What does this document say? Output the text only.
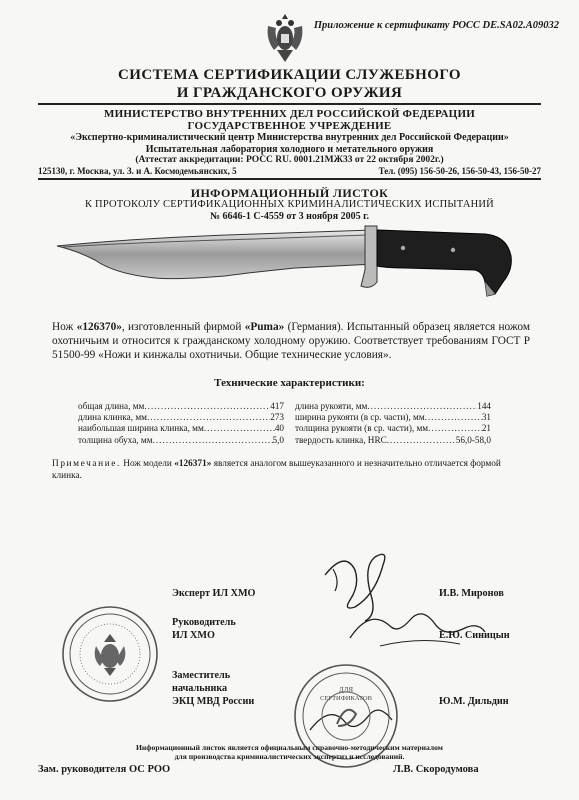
Приложение к сертификату РОСС DE.SA02.A09032
СИСТЕМА СЕРТИФИКАЦИИ СЛУЖЕБНОГО
И ГРАЖДАНСКОГО ОРУЖИЯ
МИНИСТЕРСТВО ВНУТРЕННИХ ДЕЛ РОССИЙСКОЙ ФЕДЕРАЦИИ
ГОСУДАРСТВЕННОЕ УЧРЕЖДЕНИЕ
«Экспертно-криминалистический центр Министерства внутренних дел Российской Федерации»
Испытательная лаборатория холодного и метательного оружия
(Аттестат аккредитации: РОСС RU. 0001.21МЖ33 от 22 октября 2002г.)
125130, г. Москва, ул. З. и А. Космодемьянских, 5	Тел. (095) 156-50-26, 156-50-43, 156-50-27
ИНФОРМАЦИОННЫЙ ЛИСТОК
К ПРОТОКОЛУ СЕРТИФИКАЦИОННЫХ КРИМИНАЛИСТИЧЕСКИХ ИСПЫТАНИЙ
№ 6646-1 С-4559 от 3 ноября 2005 г.
Нож «126370», изготовленный фирмой «Puma» (Германия). Испытанный образец является ножом охотничьим и относится к гражданскому холодному оружию. Соответствует требованиям ГОСТ Р 51500-99 «Ножи и кинжалы охотничьи. Общие технические условия».
Технические характеристики:
общая длина, мм .....	417
длина клинка, мм .....	273
наибольшая ширина клинка, мм .....	40
толщина обуха, мм .....	5,0
длина рукояти, мм .....	144
ширина рукояти (в ср. части), мм .....	31
толщина рукояти (в ср. части), мм .....	21
твердость клинка, HRC .....	56,0-58,0
Примечание. Нож модели «126371» является аналогом вышеуказанного и незначительно отличается формой клинка.
Эксперт ИЛ ХМО	И.В. Миронов
Руководитель
ИЛ ХМО	Е.Ю. Синицын
Заместитель
начальника
ЭКЦ МВД России	Ю.М. Дильдин
ДЛЯ
СЕРТИФИКАТОВ
Информационный листок является официальным справочно-методическим материалом
для производства криминалистических экспертиз и исследований.
Зам. руководителя ОС РОО	Л.В. Скородумова
